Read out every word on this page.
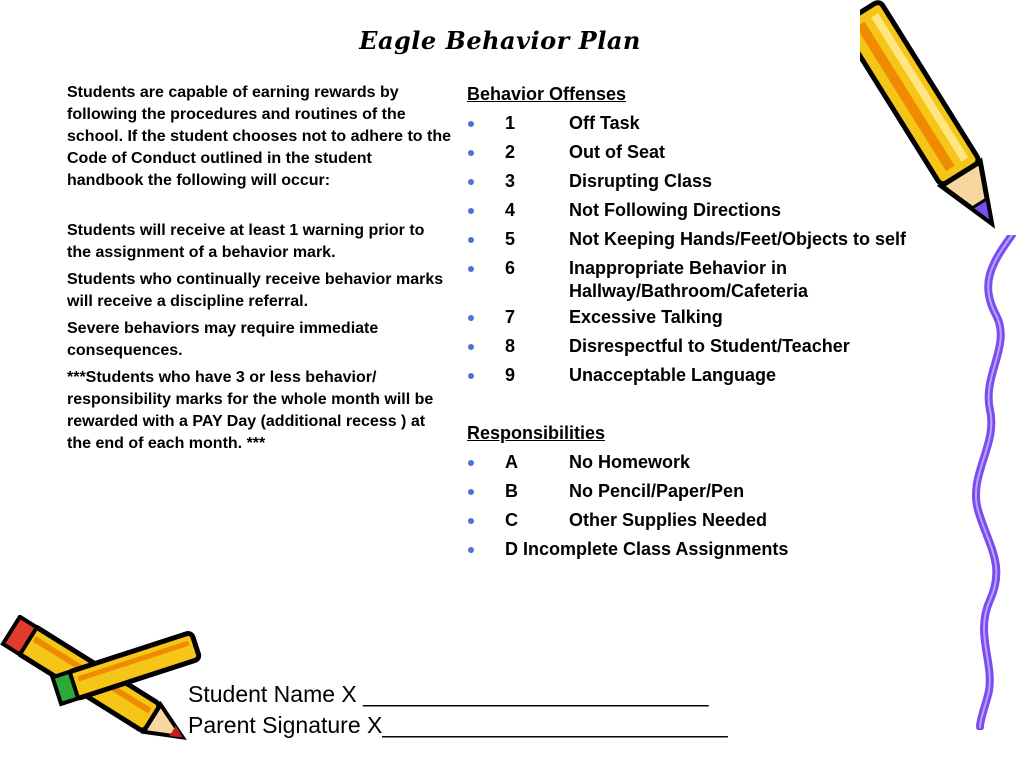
Eagle Behavior Plan

Students are capable of earning rewards by following the procedures and routines of the school. If the student chooses not to adhere to the Code of Conduct outlined in the student handbook the following will occur:

Students will receive at least 1 warning prior to the assignment of a behavior mark.

Students who continually receive behavior marks will receive a discipline referral.

Severe behaviors may require immediate consequences.

***Students who have 3 or less behavior/ responsibility marks for the whole month will be rewarded with a PAY Day (additional recess ) at the end of each month. ***

Behavior Offenses
1	Off Task
2	Out of Seat
3	Disrupting Class
4	Not Following Directions
5	Not Keeping Hands/Feet/Objects to self
6	Inappropriate Behavior in Hallway/Bathroom/Cafeteria
7	Excessive Talking
8	Disrespectful to Student/Teacher
9	Unacceptable Language
Responsibilities
A	No Homework
B	No Pencil/Paper/Pen
C	Other Supplies Needed
D Incomplete Class Assignments
Student Name X ___________________________
Parent Signature X___________________________
